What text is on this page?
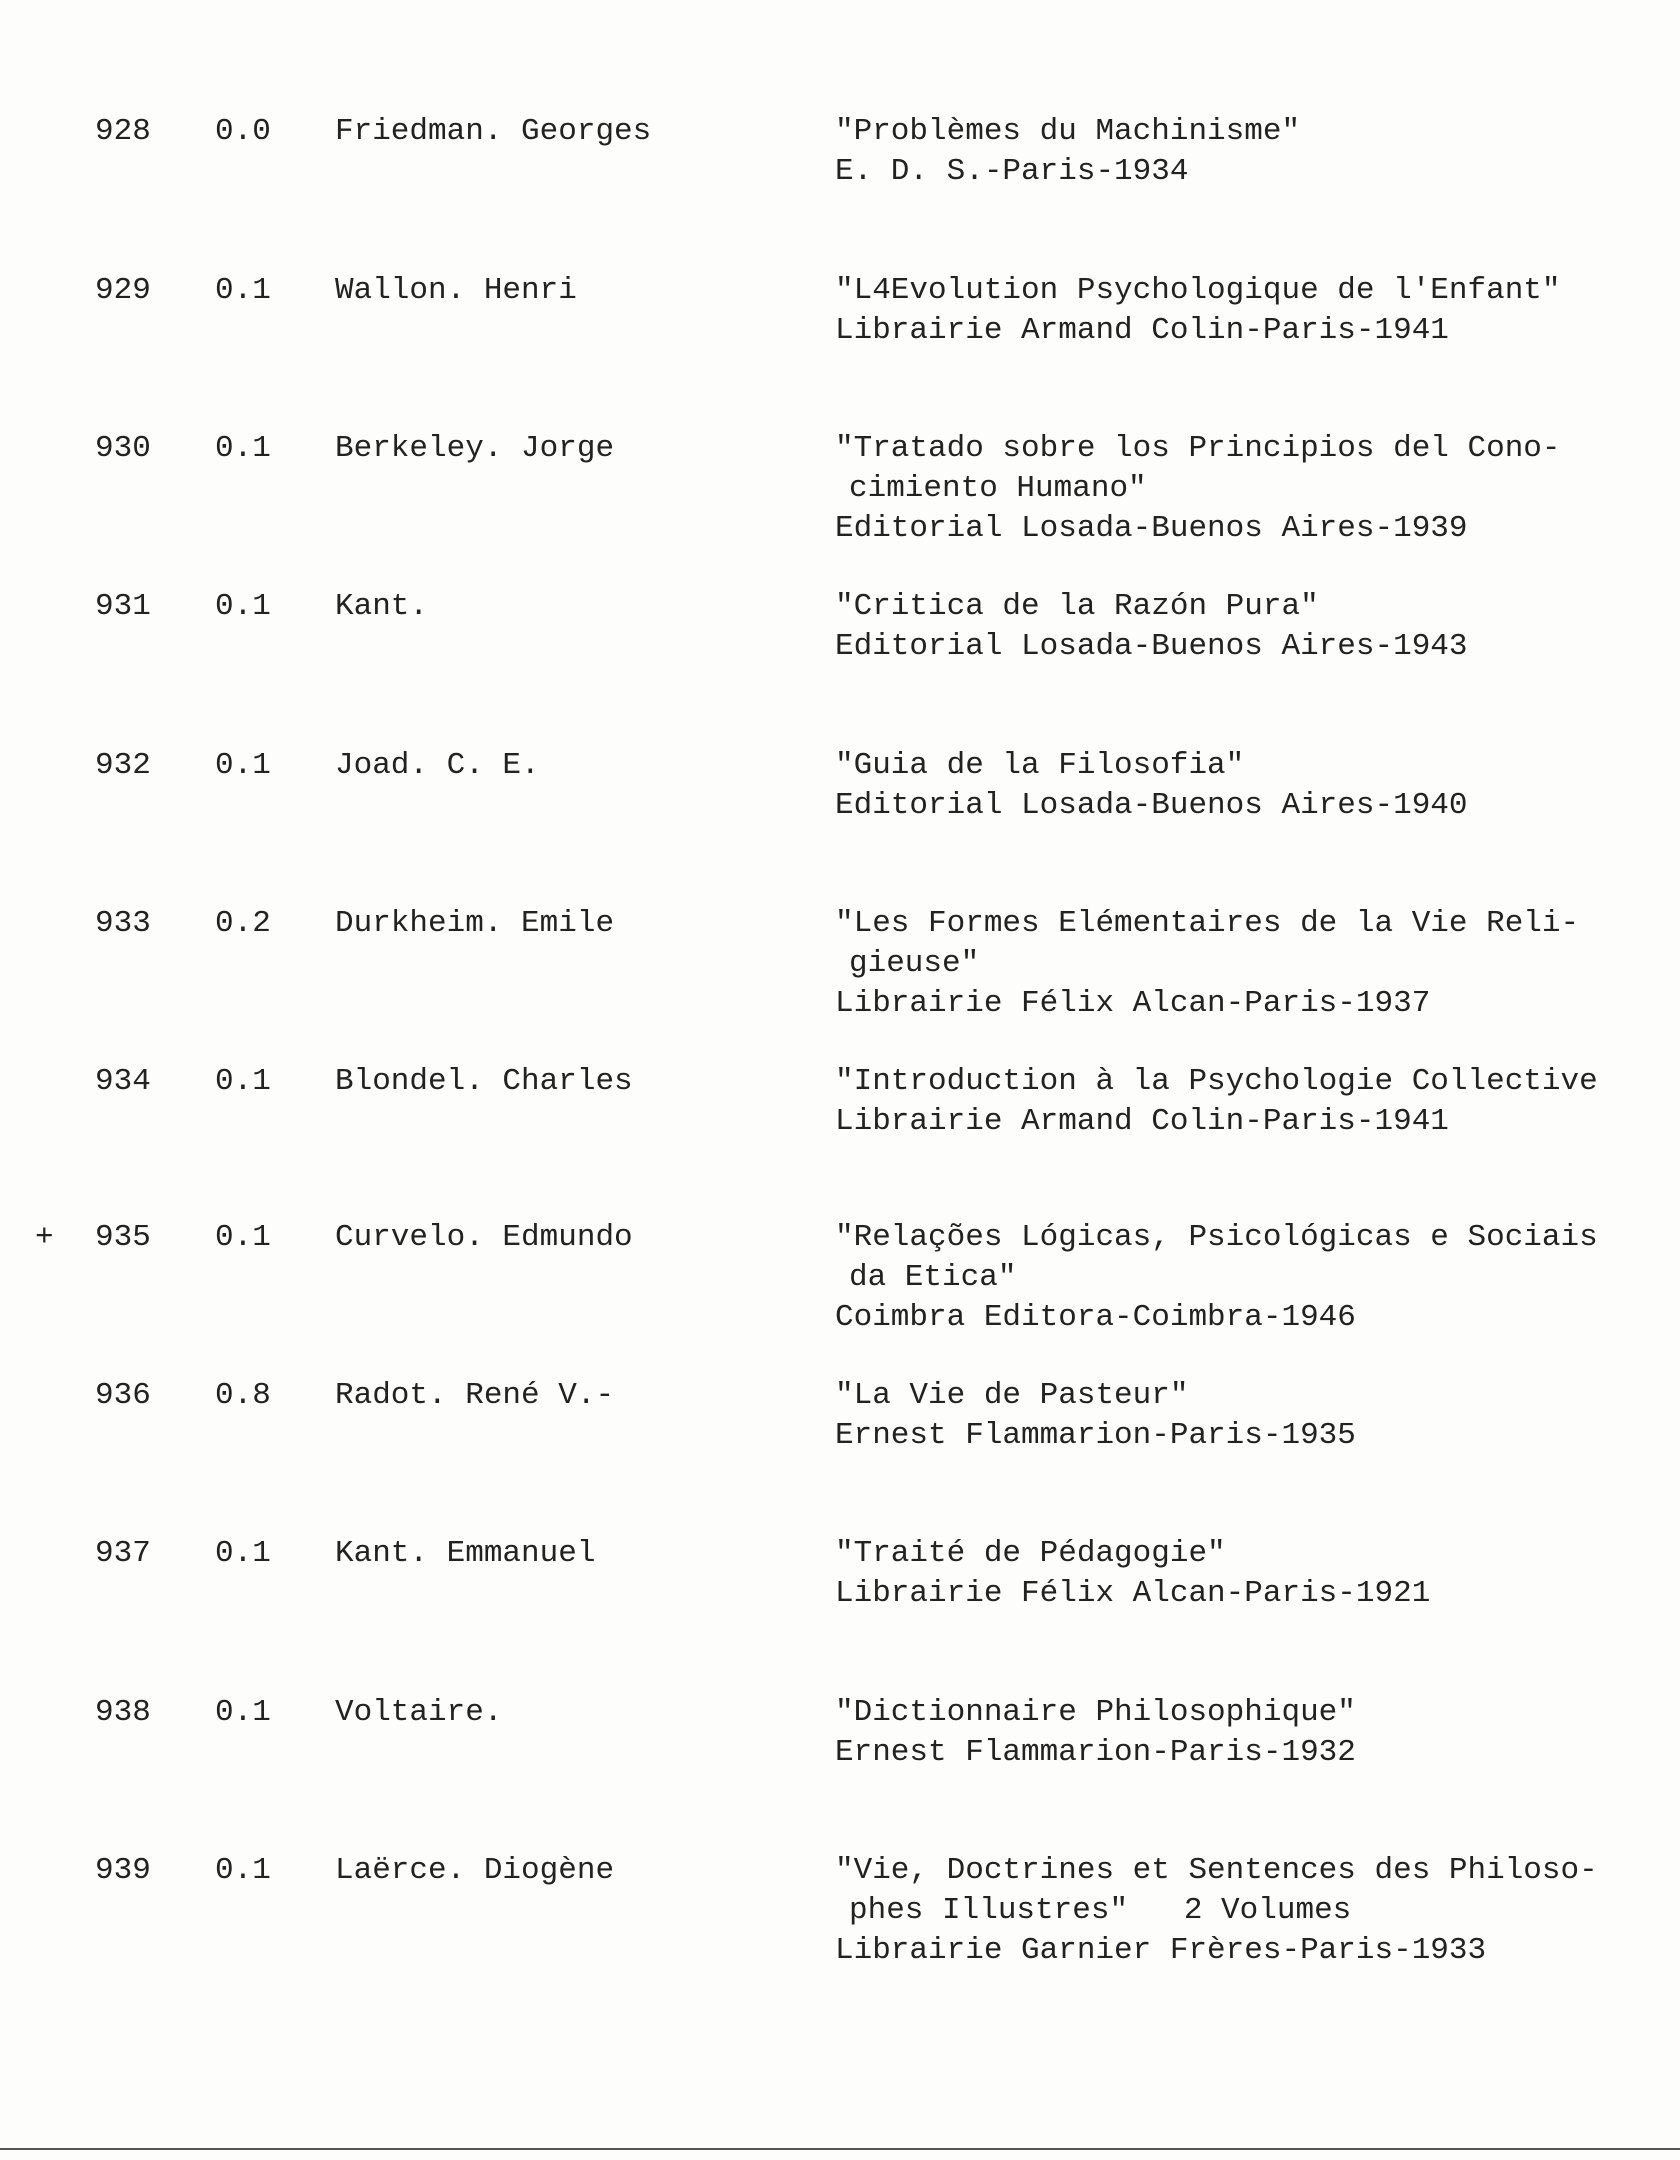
928 0.0 Friedman. Georges	"Problèmes du Machinisme"
E. D. S.-Paris-1934
929 0.1 Wallon. Henri	"L4Evolution Psychologique de l'Enfant"
Librairie Armand Colin-Paris-1941
930 0.1 Berkeley. Jorge	"Tratado sobre los Principios del Cono-
cimiento Humano"
Editorial Losada-Buenos Aires-1939
931 0.1 Kant.	"Critica de la Razón Pura"
Editorial Losada-Buenos Aires-1943
932 0.1 Joad. C. E.	"Guia de la Filosofia"
Editorial Losada-Buenos Aires-1940
933 0.2 Durkheim. Emile	"Les Formes Elémentaires de la Vie Reli-
gieuse"
Librairie Félix Alcan-Paris-1937
934 0.1 Blondel. Charles	"Introduction à la Psychologie Collective
Librairie Armand Colin-Paris-1941
+ 935 0.1 Curvelo. Edmundo	"Relações Lógicas, Psicológicas e Sociais
da Etica"
Coimbra Editora-Coimbra-1946
936 0.8 Radot. René V.-	"La Vie de Pasteur"
Ernest Flammarion-Paris-1935
937 0.1 Kant. Emmanuel	"Traité de Pédagogie"
Librairie Félix Alcan-Paris-1921
938 0.1 Voltaire.	"Dictionnaire Philosophique"
Ernest Flammarion-Paris-1932
939 0.1 Laërce. Diogène	"Vie, Doctrines et Sentences des Philoso-
phes Illustres"   2 Volumes
Librairie Garnier Frères-Paris-1933
